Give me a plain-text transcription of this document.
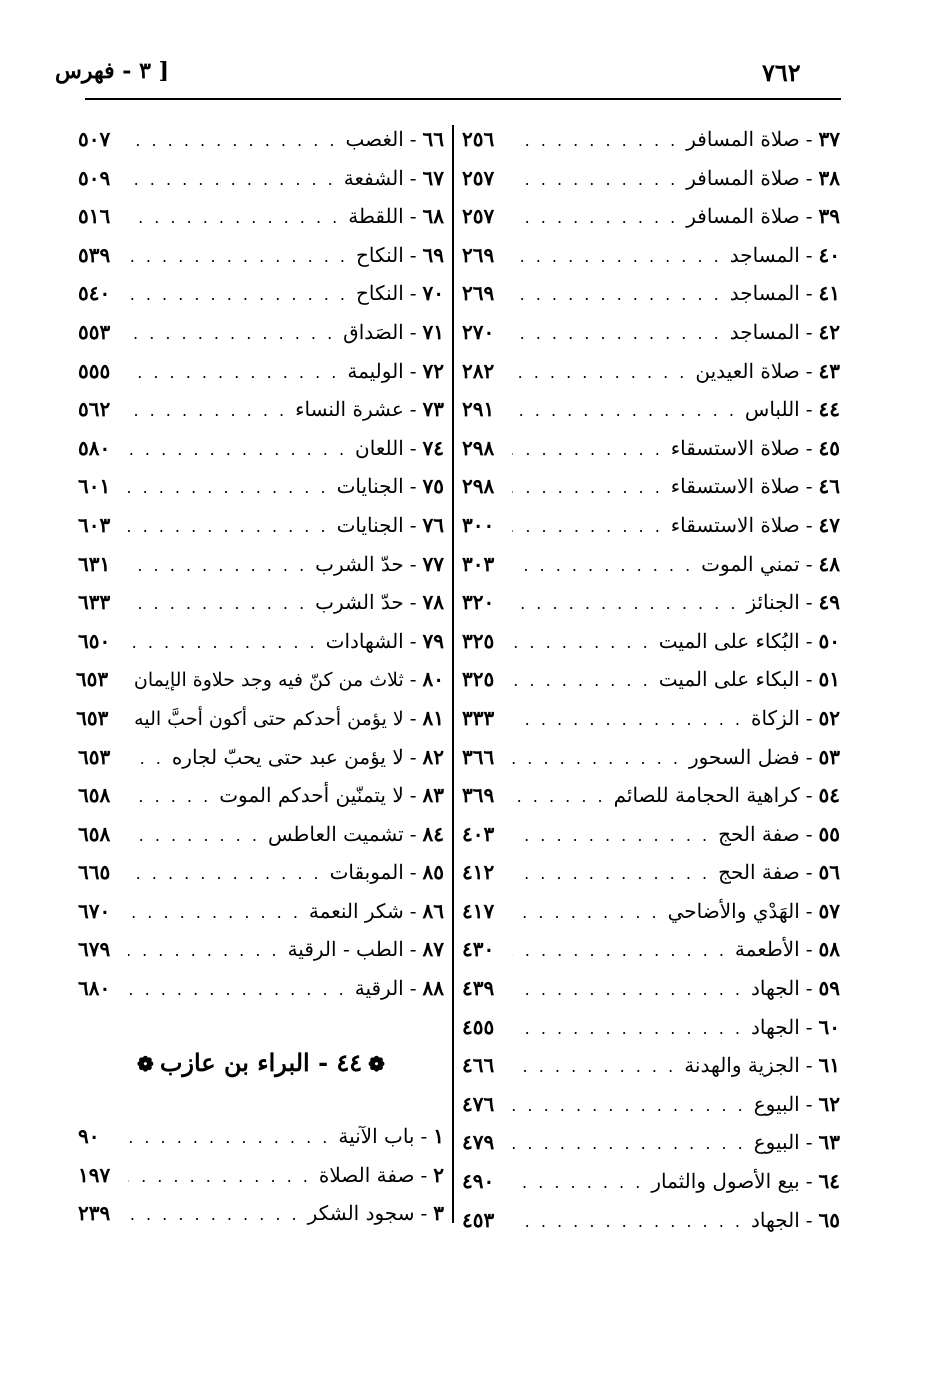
٧٦٢
[ ٣ - فهرس
٣٧
-
صلاة المسافر
. . .
٢٥٦
٣٨
-
صلاة المسافر
. . .
٢٥٧
٣٩
-
صلاة المسافر
. . .
٢٥٧
٤٠
-
المساجد
. . .
٢٦٩
٤١
-
المساجد
. . .
٢٦٩
٤٢
-
المساجد
. . .
٢٧٠
٤٣
-
صلاة العيدين
. . .
٢٨٢
٤٤
-
اللباس
. . .
٢٩١
٤٥
-
صلاة الاستسقاء
. . .
٢٩٨
٤٦
-
صلاة الاستسقاء
. . .
٢٩٨
٤٧
-
صلاة الاستسقاء
. . .
٣٠٠
٤٨
-
تمني الموت
. . .
٣٠٣
٤٩
-
الجنائز
. . .
٣٢٠
٥٠
-
البُكاء على الميت
. . .
٣٢٥
٥١
-
البكاء على الميت
. . .
٣٢٥
٥٢
-
الزكاة
. . .
٣٣٣
٥٣
-
فضل السحور
. . .
٣٦٦
٥٤
-
كراهية الحجامة للصائم
. . .
٣٦٩
٥٥
-
صفة الحج
. . .
٤٠٣
٥٦
-
صفة الحج
. . .
٤١٢
٥٧
-
الهَدْي والأضاحي
. . .
٤١٧
٥٨
-
الأطعمة
. . .
٤٣٠
٥٩
-
الجهاد
. . .
٤٣٩
٦٠
-
الجهاد
. . .
٤٥٥
٦١
-
الجزية والهدنة
. . .
٤٦٦
٦٢
-
البيوع
. . .
٤٧٦
٦٣
-
البيوع
. . .
٤٧٩
٦٤
-
بيع الأصول والثمار
. . .
٤٩٠
٦٥
-
الجهاد
. . .
٤٥٣
٦٦
-
الغصب
. . .
٥٠٧
٦٧
-
الشفعة
. . .
٥٠٩
٦٨
-
اللقطة
. . .
٥١٦
٦٩
-
النكاح
. . .
٥٣٩
٧٠
-
النكاح
. . .
٥٤٠
٧١
-
الصَداق
. . .
٥٥٣
٧٢
-
الوليمة
. . .
٥٥٥
٧٣
-
عشرة النساء
. . .
٥٦٢
٧٤
-
اللعان
. . .
٥٨٠
٧٥
-
الجنايات
. . .
٦٠١
٧٦
-
الجنايات
. . .
٦٠٣
٧٧
-
حدّ الشرب
. . .
٦٣١
٧٨
-
حدّ الشرب
. . .
٦٣٣
٧٩
-
الشهادات
. . .
٦٥٠
٨٠
-
ثلاث من كنّ فيه وجد حلاوة الإيمان
٦٥٣
٨١
-
لا يؤمن أحدكم حتى أكون أحبَّ اليه
٦٥٣
٨٢
-
لا يؤمن عبد حتى يحبّ لجاره
. . .
٦٥٣
٨٣
-
لا يتمنّين أحدكم الموت
. . .
٦٥٨
٨٤
-
تشميت العاطس
. . .
٦٥٨
٨٥
-
الموبقات
. . .
٦٦٥
٨٦
-
شكر النعمة
. . .
٦٧٠
٨٧
-
الطب - الرقية
. . .
٦٧٩
٨٨
-
الرقية
. . .
٦٨٠
❁٤٤ - البراء بن عازب❁
١
-
باب الآنية
. . .
٩٠
٢
-
صفة الصلاة
. . .
١٩٧
٣
-
سجود الشكر
. . .
٢٣٩
